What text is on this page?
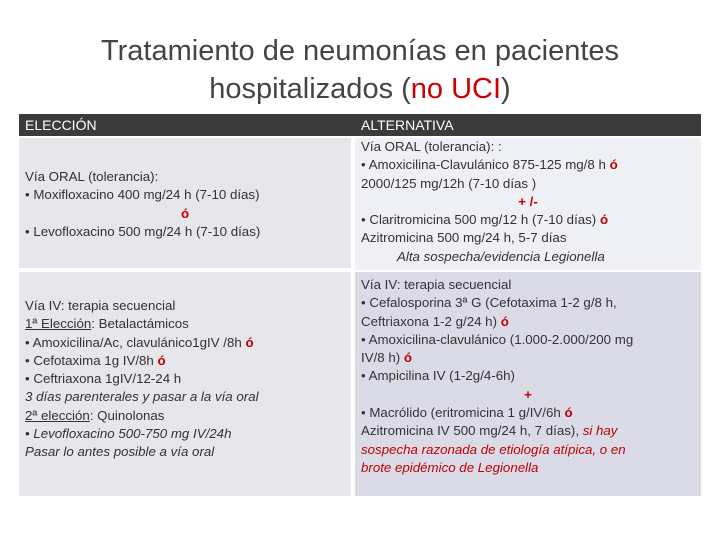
Tratamiento de neumonías en pacientes
hospitalizados (no UCI)
ELECCIÓN	ALTERNATIVA
Vía ORAL (tolerancia):
• Moxifloxacino 400 mg/24 h (7-10 días)
ó
• Levofloxacino 500 mg/24 h (7-10 días)
Vía ORAL (tolerancia): :
• Amoxicilina-Clavulánico 875-125 mg/8 h ó
2000/125 mg/12h (7-10 días )
+ /-
• Claritromicina 500 mg/12 h (7-10 días) ó
Azitromicina 500 mg/24 h, 5-7 días
Alta sospecha/evidencia Legionella
Vía IV: terapia secuencial
1ª Elección: Betalactámicos
• Amoxicilina/Ac, clavulánico1gIV /8h ó
• Cefotaxima 1g IV/8h ó
• Ceftriaxona 1gIV/12-24 h
3 días parenterales y pasar a la vía oral
2ª elección: Quinolonas
• Levofloxacino 500-750 mg IV/24h
Pasar lo antes posible a vía oral
Vía IV: terapia secuencial
• Cefalosporina 3ª G (Cefotaxima 1-2 g/8 h,
Ceftriaxona 1-2 g/24 h) ó
• Amoxicilina-clavulánico (1.000-2.000/200 mg
IV/8 h) ó
• Ampicilina IV (1-2g/4-6h)
+
• Macrólido (eritromicina 1 g/IV/6h ó
Azitromicina IV 500 mg/24 h, 7 días), si hay
sospecha razonada de etiología atípica, o en
brote epidémico de Legionella
